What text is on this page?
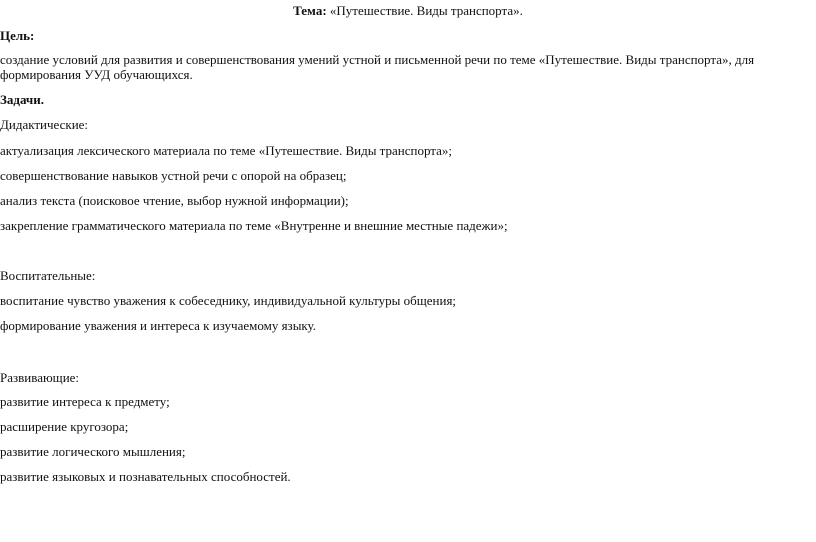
Тема: «Путешествие. Виды транспорта».
Цель:
создание условий для развития и совершенствования умений устной и письменной речи по теме «Путешествие. Виды транспорта», для формирования УУД обучающихся.
Задачи.
Дидактические:
актуализация лексического материала по теме «Путешествие. Виды транспорта»;
совершенствование навыков устной речи с опорой на образец;
анализ текста (поисковое чтение, выбор нужной информации);
закрепление грамматического материала по теме «Внутренне и внешние местные падежи»;
Воспитательные:
воспитание чувство уважения к собеседнику, индивидуальной культуры общения;
формирование уважения и интереса к изучаемому языку.
Развивающие:
развитие интереса к предмету;
расширение кругозора;
развитие логического мышления;
развитие языковых и познавательных способностей.
